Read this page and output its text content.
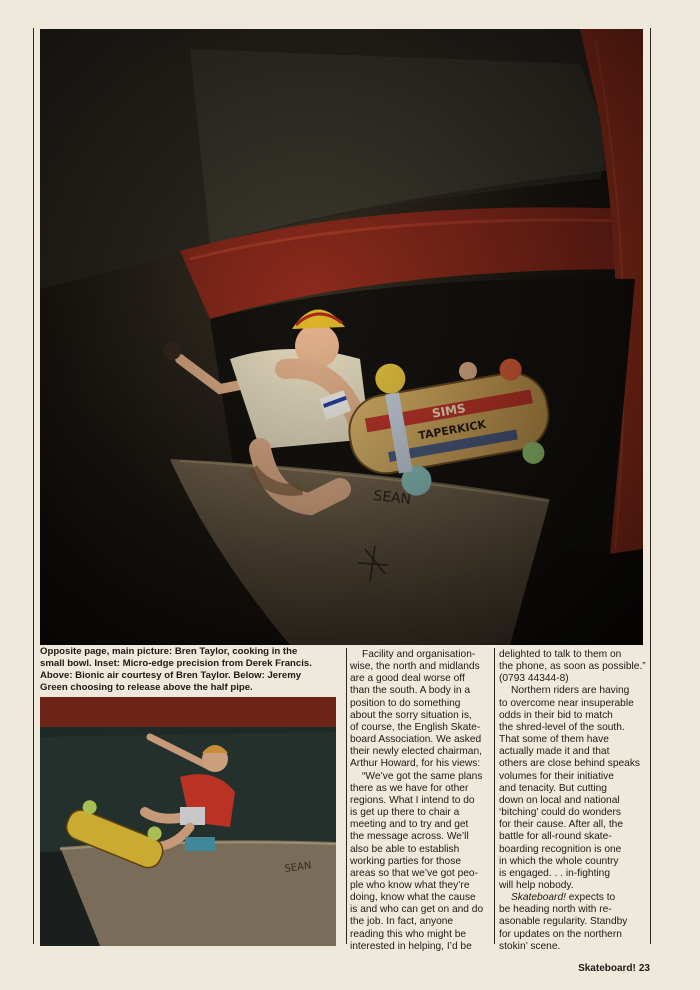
Opposite page, main picture: Bren Taylor, cooking in the

small bowl. Inset: Micro-edge precision from Derek Francis.

Above: Bionic air courtesy of Bren Taylor. Below: Jeremy

Green choosing to release above the half pipe.

SEAN

Facility and organisation-

wise, the north and midlands

are a good deal worse off

than the south. A body in a

position to do something

about the sorry situation is,

of course, the English Skate-

board Association. We asked

their newly elected chairman,

Arthur Howard, for his views:

“We’ve got the same plans

there as we have for other

regions. What I intend to do

is get up there to chair a

meeting and to try and get

the message across. We’ll

also be able to establish

working parties for those

areas so that we’ve got peo-

ple who know what they’re

doing, know what the cause

is and who can get on and do

the job. In fact, anyone

reading this who might be

interested in helping, I’d be

delighted to talk to them on

the phone, as soon as possible.”

(0793 44344-8)

Northern riders are having

to overcome near insuperable

odds in their bid to match

the shred-level of the south.

That some of them have

actually made it and that

others are close behind speaks

volumes for their initiative

and tenacity. But cutting

down on local and national

‘bitching’ could do wonders

for their cause. After all, the

battle for all-round skate-

boarding recognition is one

in which the whole country

is engaged. . . in-fighting

will help nobody.

Skateboard! expects to

be heading north with re-

asonable regularity. Standby

for updates on the northern

stokin’ scene.

Skateboard! 23
